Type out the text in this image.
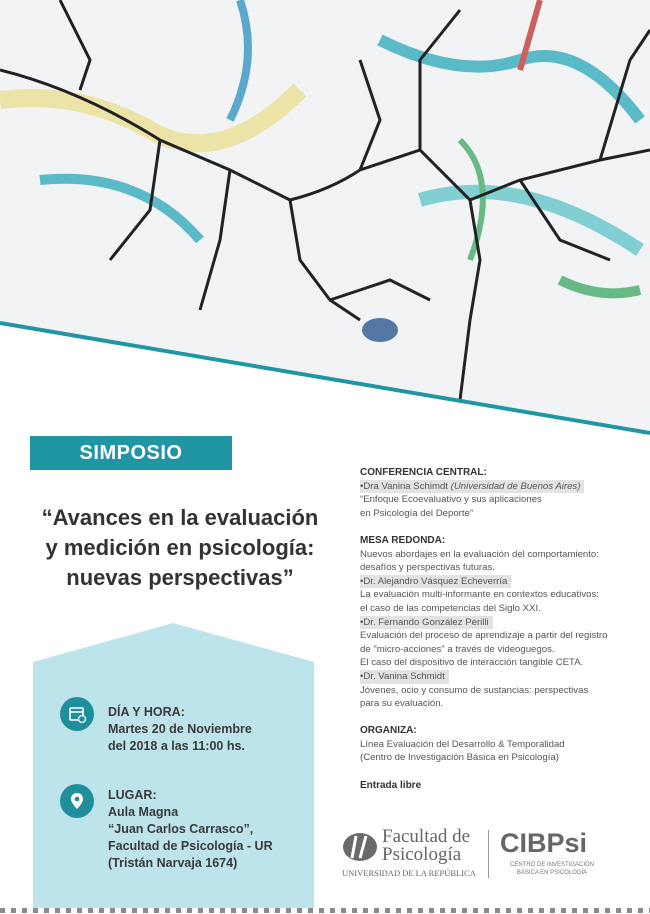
SIMPOSIO
“Avances en la evaluación
y medición en psicología:
nuevas perspectivas”
DÍA Y HORA:
Martes 20 de Noviembre
del 2018 a las 11:00 hs.
LUGAR:
Aula Magna
“Juan Carlos Carrasco”,
Facultad de Psicología - UR
(Tristán Narvaja 1674)
CONFERENCIA CENTRAL:
•Dra Vanina Schimdt (Universidad de Buenos Aires)
“Enfoque Ecoevaluativo y sus aplicaciones
en Psicología del Deporte”
MESA REDONDA:
Nuevos abordajes en la evaluación del comportamiento:
desafíos y perspectivas futuras.
•Dr. Alejandro Vásquez Echeverría
La evaluación multi-informante en contextos educativos:
el caso de las competencias del Siglo XXI.
•Dr. Fernando González Perilli
Evaluación del proceso de aprendizaje a partir del registro
de "micro-acciones" a través de videoguegos.
El caso del dispositivo de interacción tangible CETA.
•Dr. Vanina Schmidt
Jóvenes, ocio y consumo de sustancias: perspectivas
para su evaluación.
ORGANIZA:
Línea Evaluación del Desarrollo & Temporalidad
(Centro de Investigación Básica en Psicología)
Entrada libre
Facultad de
Psicología
UNIVERSIDAD DE LA REPÚBLICA
CIBPsi
CENTRO DE INVESTIGACIÓN
BÁSICA EN PSICOLOGÍA
